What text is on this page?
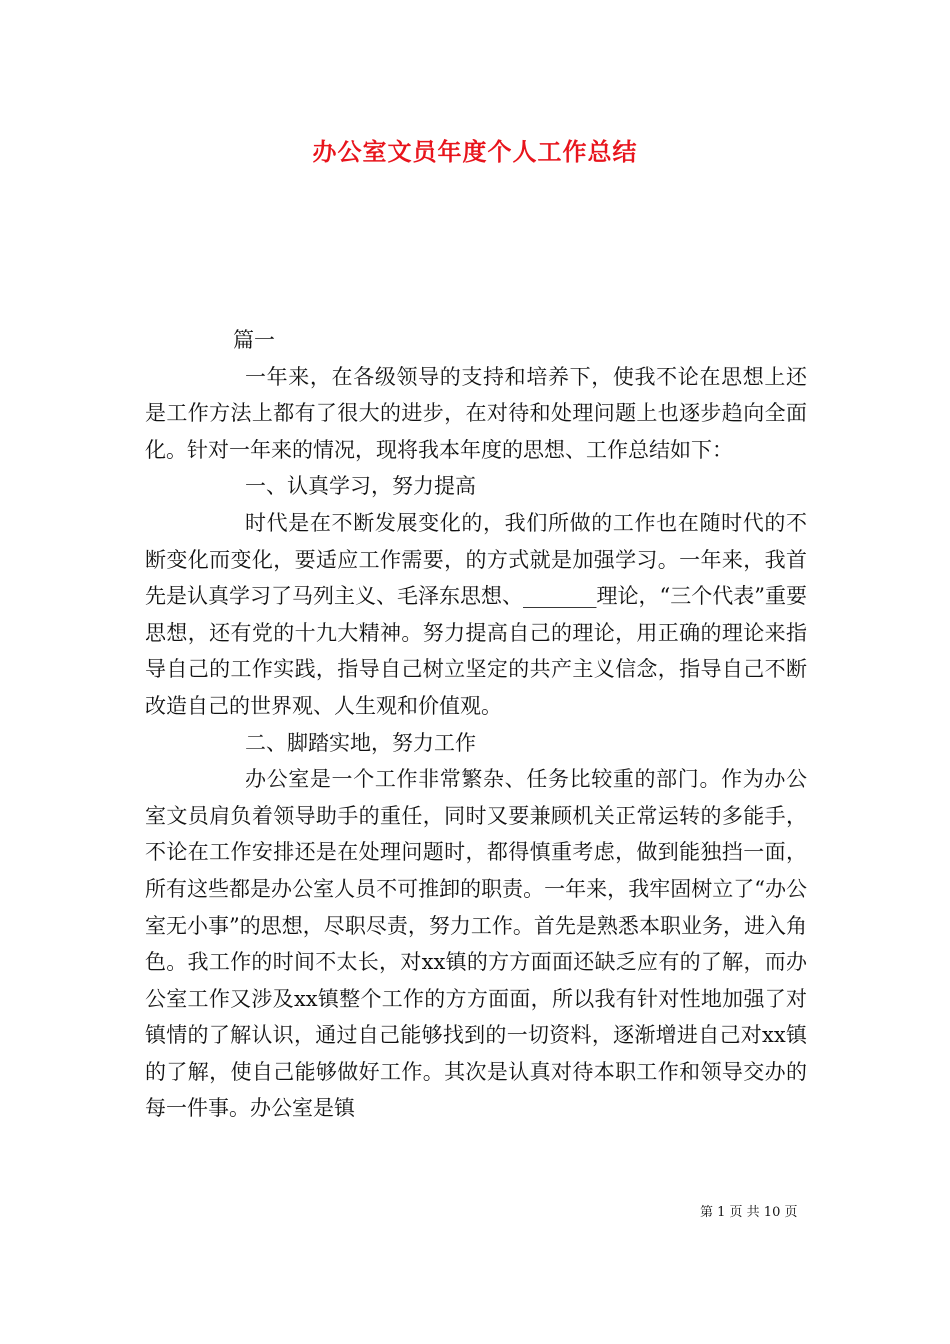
办公室文员年度个人工作总结

篇一

一年来，在各级领导的支持和培养下，使我不论在思想上还是工作方法上都有了很大的进步，在对待和处理问题上也逐步趋向全面化。针对一年来的情况，现将我本年度的思想、工作总结如下：

一、认真学习，努力提高

时代是在不断发展变化的，我们所做的工作也在随时代的不断变化而变化，要适应工作需要，的方式就是加强学习。一年来，我首先是认真学习了马列主义、毛泽东思想、_______理论，“三个代表”重要思想，还有党的十九大精神。努力提高自己的理论，用正确的理论来指导自己的工作实践，指导自己树立坚定的共产主义信念，指导自己不断改造自己的世界观、人生观和价值观。

二、脚踏实地，努力工作

办公室是一个工作非常繁杂、任务比较重的部门。作为办公室文员肩负着领导助手的重任，同时又要兼顾机关正常运转的多能手，不论在工作安排还是在处理问题时，都得慎重考虑，做到能独挡一面，所有这些都是办公室人员不可推卸的职责。一年来，我牢固树立了“办公室无小事”的思想，尽职尽责，努力工作。首先是熟悉本职业务，进入角色。我工作的时间不太长，对xx镇的方方面面还缺乏应有的了解，而办公室工作又涉及xx镇整个工作的方方面面，所以我有针对性地加强了对镇情的了解认识，通过自己能够找到的一切资料，逐渐增进自己对xx镇的了解，使自己能够做好工作。其次是认真对待本职工作和领导交办的每一件事。办公室是镇

第 1 页 共 10 页
